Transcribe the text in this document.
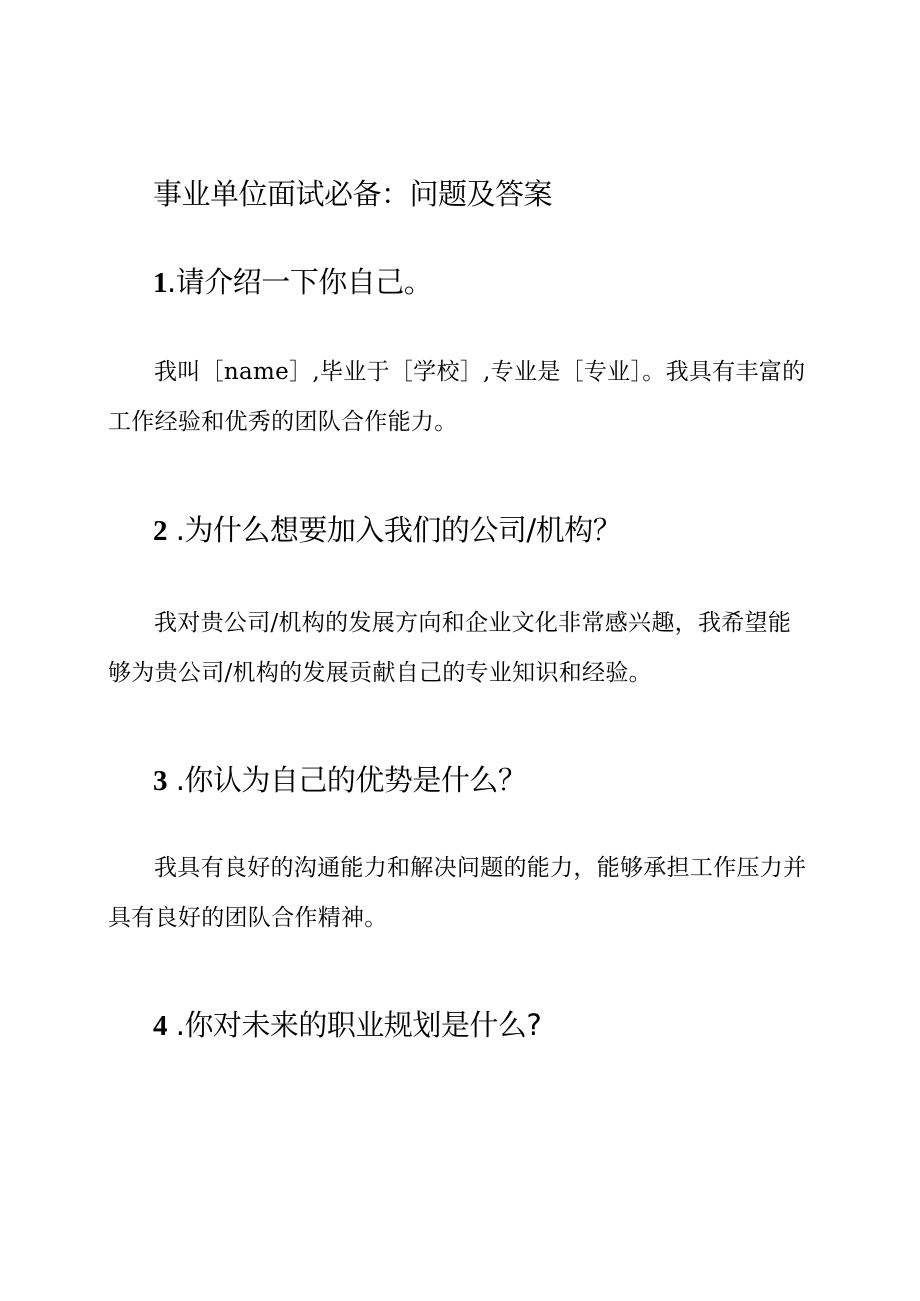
事业单位面试必备：问题及答案
1.请介绍一下你自己。

我叫［name］,毕业于［学校］,专业是［专业］。我具有丰富的工作经验和优秀的团队合作能力。

2 .为什么想要加入我们的公司/机构？

我对贵公司/机构的发展方向和企业文化非常感兴趣，我希望能够为贵公司/机构的发展贡献自己的专业知识和经验。

3 .你认为自己的优势是什么？

我具有良好的沟通能力和解决问题的能力，能够承担工作压力并具有良好的团队合作精神。

4 .你对未来的职业规划是什么?
